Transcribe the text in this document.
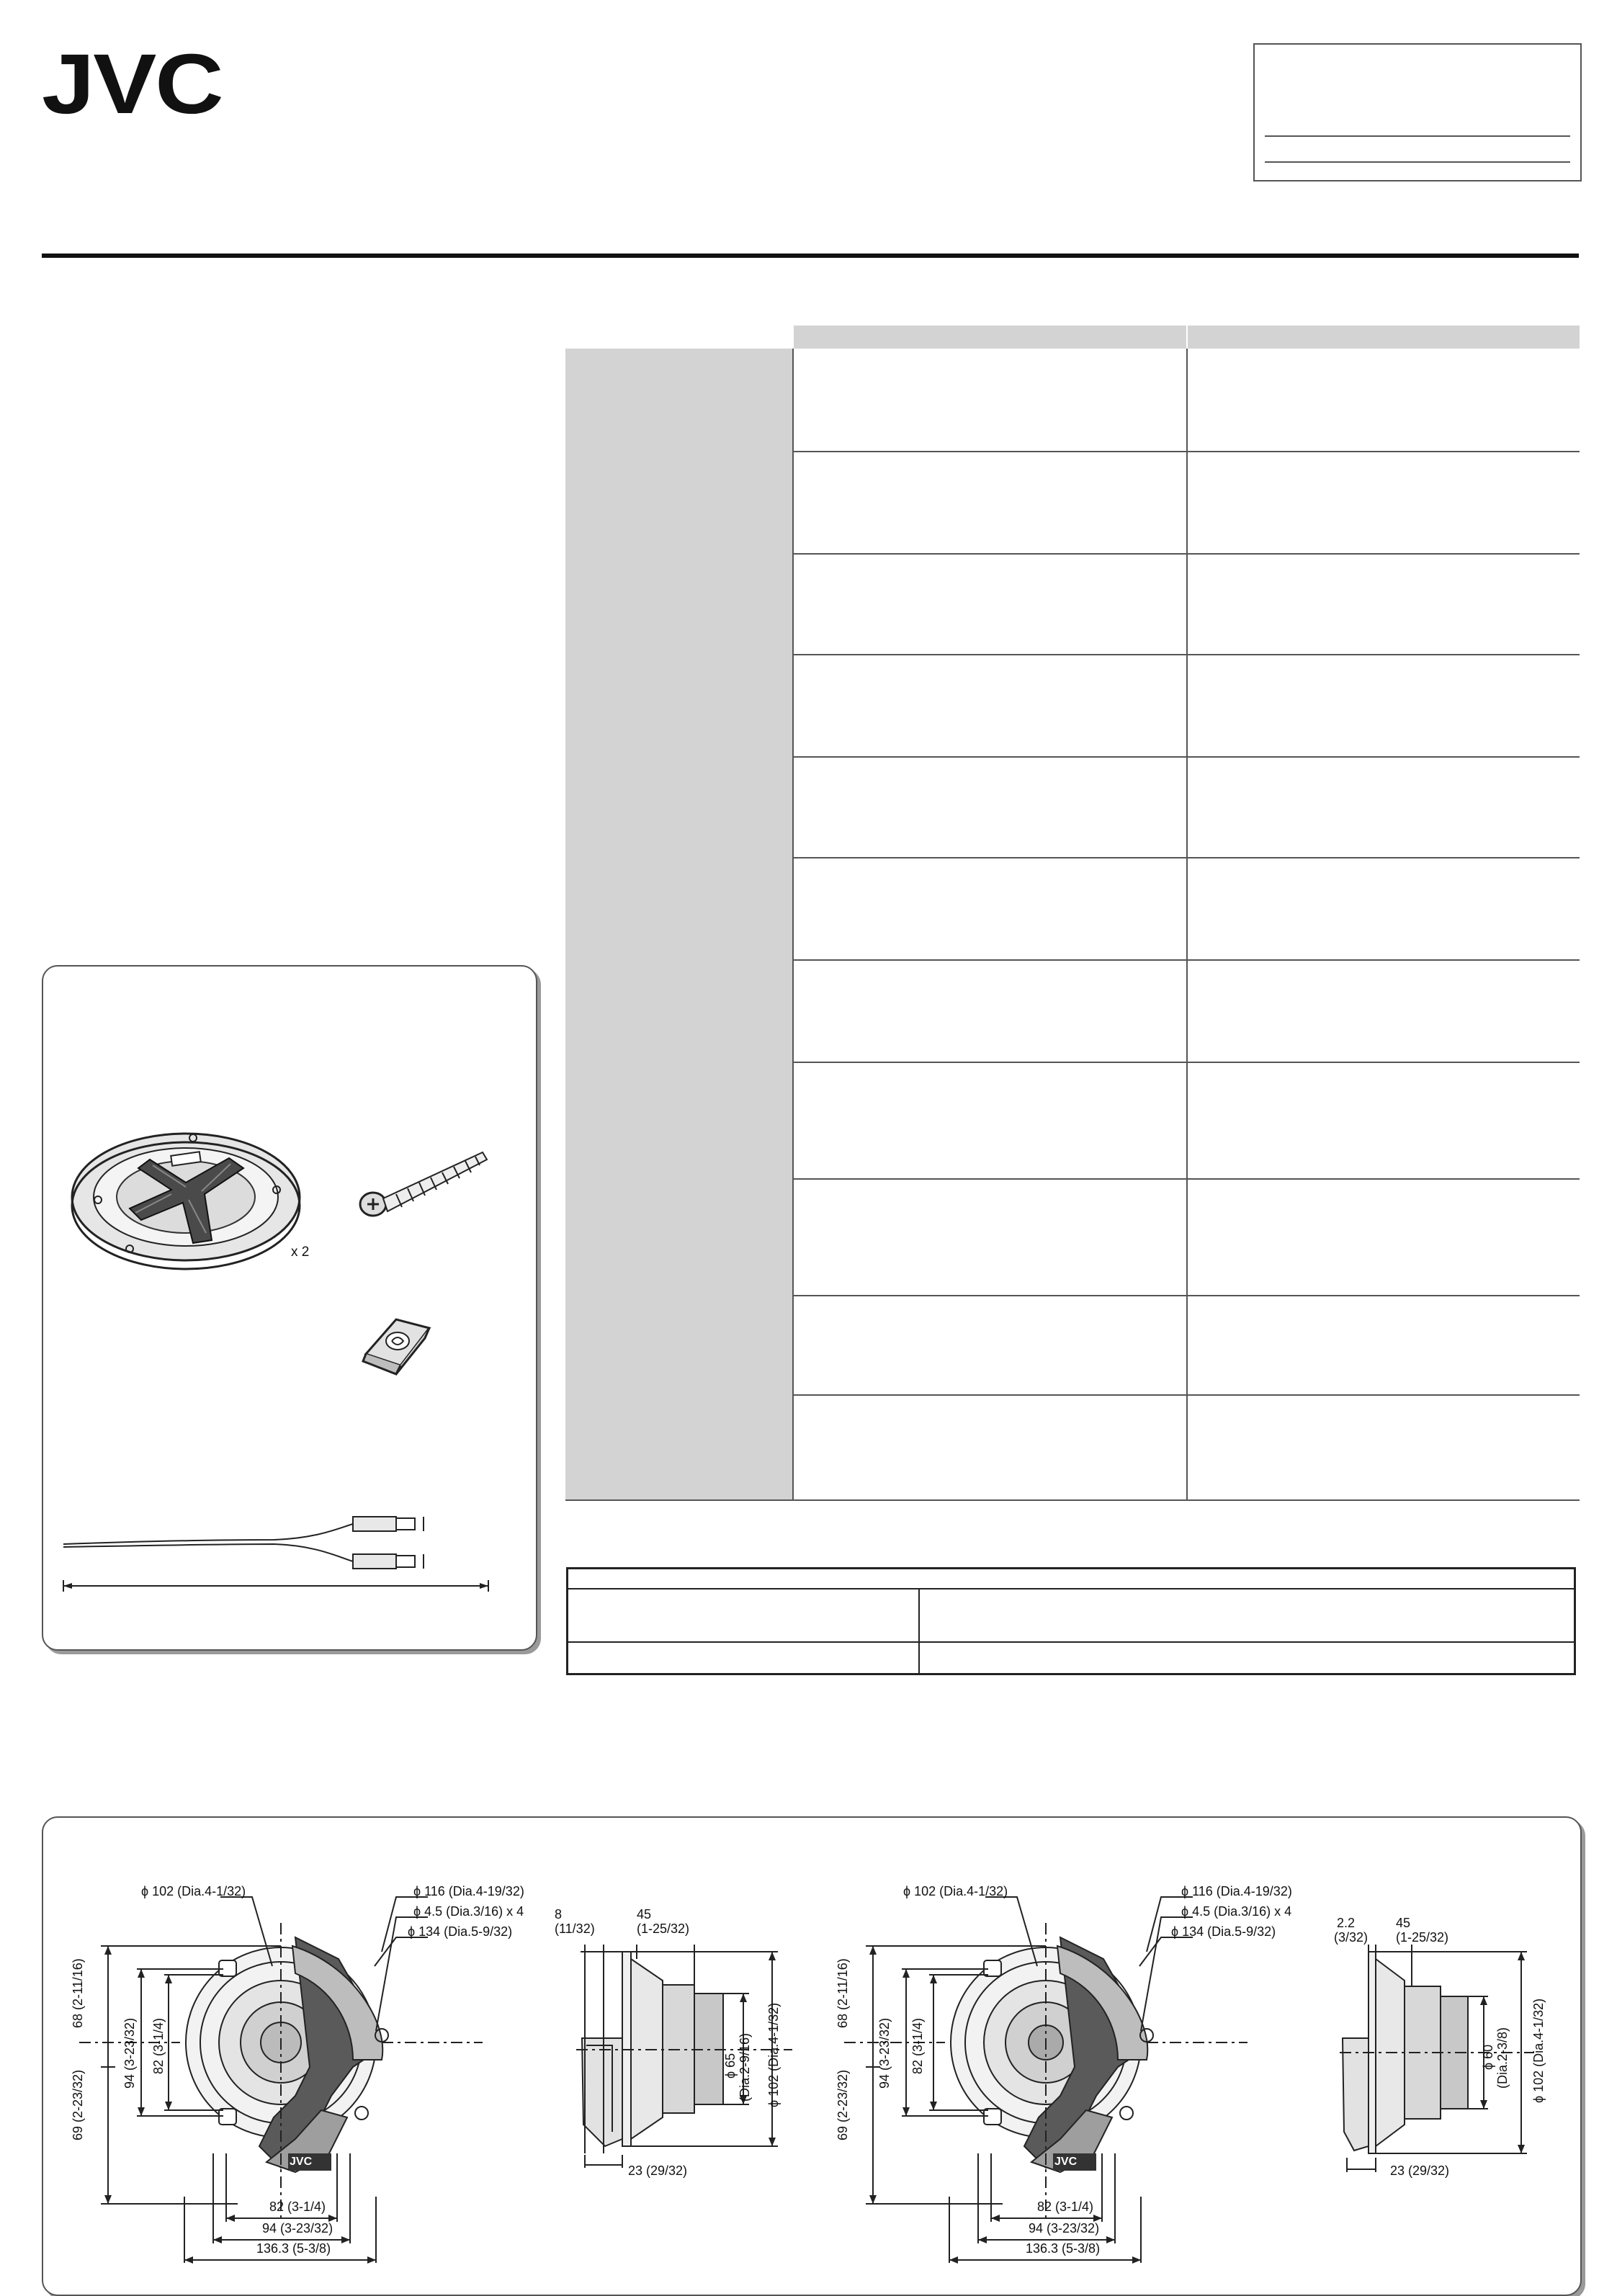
JVC
x 2
JVC
ϕ 102 (Dia.4-1/32)	ϕ 116 (Dia.4-19/32)
ϕ 4.5 (Dia.3/16) x 4
ϕ 134 (Dia.5-9/32)
68 (2-11/16)
69 (2-23/32)
94 (3-23/32) 82 (3-1/4)
82 (3-1/4)
94 (3-23/32)
136.3 (5-3/8)
8
(11/32)
45
(1-25/32)
ϕ 65 (Dia.2-9/16) ϕ 102 (Dia.4-1/32)
23 (29/32)
JVC
ϕ 102 (Dia.4-1/32)	ϕ 116 (Dia.4-19/32)
ϕ 4.5 (Dia.3/16) x 4
ϕ 134 (Dia.5-9/32)
68 (2-11/16)
69 (2-23/32)
94 (3-23/32) 82 (3-1/4)
82 (3-1/4)
94 (3-23/32)
136.3 (5-3/8)
2.2
(3/32)
45
(1-25/32)
ϕ 60 (Dia.2-3/8) ϕ 102 (Dia.4-1/32)
23 (29/32)
